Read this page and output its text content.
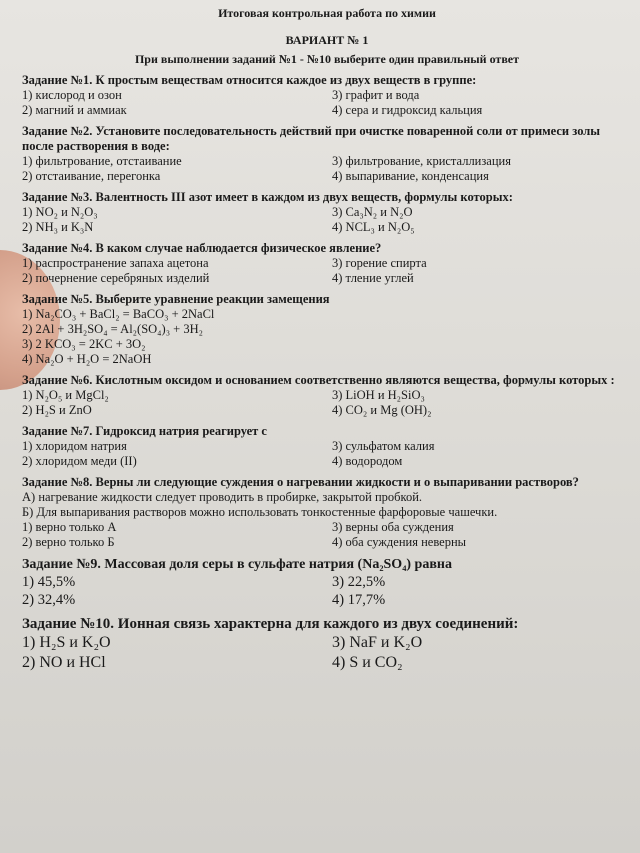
Итоговая контрольная работа по химии
ВАРИАНТ № 1
При выполнении заданий №1 - №10 выберите один правильный ответ
Задание №1. К простым веществам относится каждое из двух веществ в группе:
1) кислород и озон	3) графит и вода
2) магний и аммиак	4) сера и гидроксид кальция
Задание №2. Установите последовательность действий при очистке поваренной соли от примеси золы после растворения в воде:
1) фильтрование, отстаивание	3) фильтрование, кристаллизация
2) отстаивание, перегонка	4) выпаривание, конденсация
Задание №3. Валентность III азот имеет в каждом из двух веществ, формулы которых:
1) NO₂ и N₂O₃	3) Ca₃N₂ и N₂O
2) NH₃ и K₃N	4) NCL₃ и N₂O₅
Задание №4. В каком случае наблюдается физическое явление?
1) распространение запаха ацетона	3) горение спирта
2) почернение серебряных изделий	4) тление углей
Задание №5. Выберите уравнение реакции замещения
1) Na₂CO₃ + BaCl₂ = BaCO₃ + 2NaCl
2) 2Al + 3H₂SO₄ = Al₂(SO₄)₃ + 3H₂
3) 2 KCO₃ = 2KC + 3O₂
4) Na₂O + H₂O = 2NaOH
Задание №6. Кислотным оксидом и основанием соответственно являются вещества, формулы которых :
1) N₂O₅ и MgCl₂	3) LiOH и H₂SiO₃
2) H₂S и ZnO	4) CO₂ и Mg (OH)₂
Задание №7. Гидроксид натрия реагирует с
1) хлоридом натрия	3) сульфатом калия
2) хлоридом меди (II)	4) водородом
Задание №8. Верны ли следующие суждения о нагревании жидкости и о выпаривании растворов?
А) нагревание жидкости следует проводить в пробирке, закрытой пробкой.
Б) Для выпаривания растворов можно использовать тонкостенные фарфоровые чашечки.
1) верно только А	3) верны оба суждения
2) верно только Б	4) оба суждения неверны
Задание №9. Массовая доля серы в сульфате натрия (Na₂SO₄) равна
1) 45,5%	3) 22,5%
2) 32,4%	4) 17,7%
Задание №10. Ионная связь характерна для каждого из двух соединений:
1) H₂S и K₂O	3) NaF и K₂O
2) NO и HCl	4) S и CO₂
